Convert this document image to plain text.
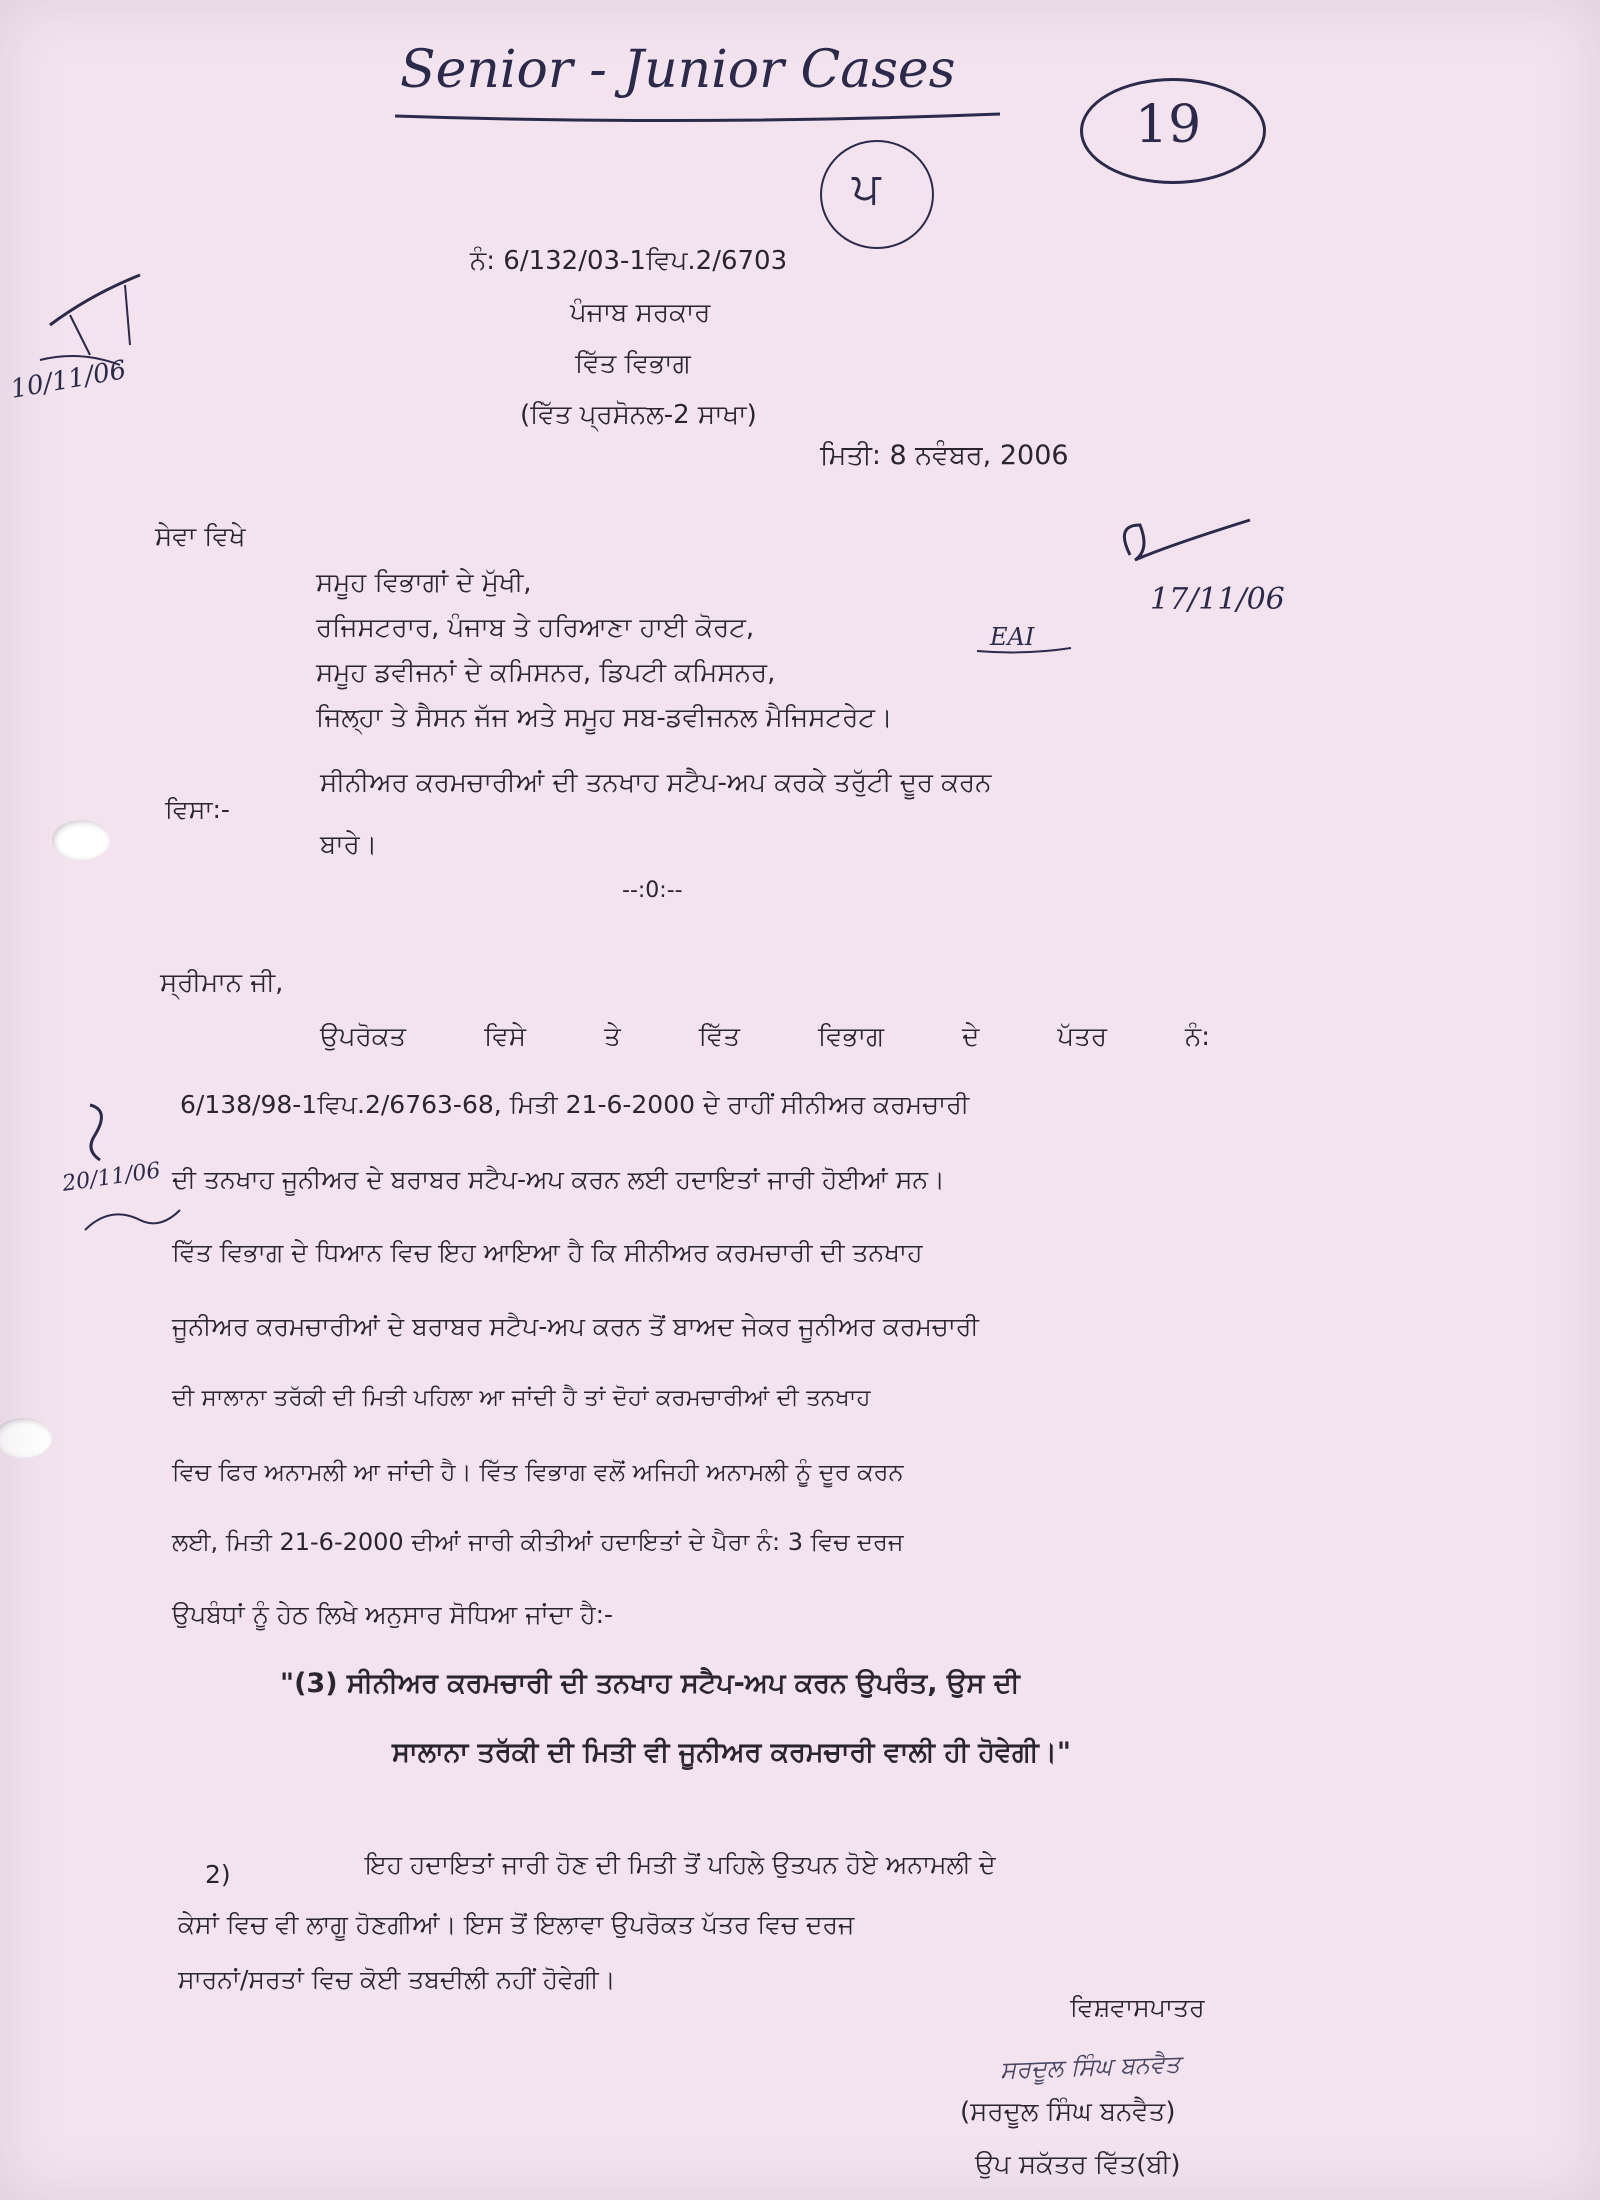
Senior - Junior Cases
19
ਪ
10/11/06
ਨੰ: 6/132/03-1ਵਿਪ.2/6703
ਪੰਜਾਬ ਸਰਕਾਰ
ਵਿੱਤ ਵਿਭਾਗ
(ਵਿੱਤ ਪ੍ਰਸੋਨਲ-2 ਸਾਖਾ)
ਮਿਤੀ: 8 ਨਵੰਬਰ, 2006
17/11/06
EAI
ਸੇਵਾ ਵਿਖੇ
ਸਮੂਹ ਵਿਭਾਗਾਂ ਦੇ ਮੁੱਖੀ,
ਰਜਿਸਟਰਾਰ, ਪੰਜਾਬ ਤੇ ਹਰਿਆਣਾ ਹਾਈ ਕੋਰਟ,
ਸਮੂਹ ਡਵੀਜਨਾਂ ਦੇ ਕਮਿਸਨਰ, ਡਿਪਟੀ ਕਮਿਸਨਰ,
ਜਿਲ੍ਹਾ ਤੇ ਸੈਸਨ ਜੱਜ ਅਤੇ ਸਮੂਹ ਸਬ-ਡਵੀਜਨਲ ਮੈਜਿਸਟਰੇਟ।
ਵਿਸਾ:-
ਸੀਨੀਅਰ ਕਰਮਚਾਰੀਆਂ ਦੀ ਤਨਖਾਹ ਸਟੈਪ-ਅਪ ਕਰਕੇ ਤਰੁੱਟੀ ਦੂਰ ਕਰਨ
ਬਾਰੇ।
--:0:--
ਸ੍ਰੀਮਾਨ ਜੀ,
ਉਪਰੋਕਤ	ਵਿਸੇ	ਤੇ	ਵਿੱਤ	ਵਿਭਾਗ	ਦੇ	ਪੱਤਰ	ਨੰ:
6/138/98-1ਵਿਪ.2/6763-68, ਮਿਤੀ 21-6-2000 ਦੇ ਰਾਹੀਂ ਸੀਨੀਅਰ ਕਰਮਚਾਰੀ
ਦੀ ਤਨਖਾਹ ਜੂਨੀਅਰ ਦੇ ਬਰਾਬਰ ਸਟੈਪ-ਅਪ ਕਰਨ ਲਈ ਹਦਾਇਤਾਂ ਜਾਰੀ ਹੋਈਆਂ ਸਨ।
ਵਿੱਤ ਵਿਭਾਗ ਦੇ ਧਿਆਨ ਵਿਚ ਇਹ ਆਇਆ ਹੈ ਕਿ ਸੀਨੀਅਰ ਕਰਮਚਾਰੀ ਦੀ ਤਨਖਾਹ
ਜੂਨੀਅਰ ਕਰਮਚਾਰੀਆਂ ਦੇ ਬਰਾਬਰ ਸਟੈਪ-ਅਪ ਕਰਨ ਤੋਂ ਬਾਅਦ ਜੇਕਰ ਜੂਨੀਅਰ ਕਰਮਚਾਰੀ
ਦੀ ਸਾਲਾਨਾ ਤਰੱਕੀ ਦੀ ਮਿਤੀ ਪਹਿਲਾ ਆ ਜਾਂਦੀ ਹੈ ਤਾਂ ਦੋਹਾਂ ਕਰਮਚਾਰੀਆਂ ਦੀ ਤਨਖਾਹ
ਵਿਚ ਫਿਰ ਅਨਾਮਲੀ ਆ ਜਾਂਦੀ ਹੈ। ਵਿੱਤ ਵਿਭਾਗ ਵਲੋਂ ਅਜਿਹੀ ਅਨਾਮਲੀ ਨੂੰ ਦੂਰ ਕਰਨ
ਲਈ, ਮਿਤੀ 21-6-2000 ਦੀਆਂ ਜਾਰੀ ਕੀਤੀਆਂ ਹਦਾਇਤਾਂ ਦੇ ਪੈਰਾ ਨੰ: 3 ਵਿਚ ਦਰਜ
ਉਪਬੰਧਾਂ ਨੂੰ ਹੇਠ ਲਿਖੇ ਅਨੁਸਾਰ ਸੋਧਿਆ ਜਾਂਦਾ ਹੈ:-
20/11/06
"(3) ਸੀਨੀਅਰ ਕਰਮਚਾਰੀ ਦੀ ਤਨਖਾਹ ਸਟੈਪ-ਅਪ ਕਰਨ ਉਪਰੰਤ, ਉਸ ਦੀ
ਸਾਲਾਨਾ ਤਰੱਕੀ ਦੀ ਮਿਤੀ ਵੀ ਜੂਨੀਅਰ ਕਰਮਚਾਰੀ ਵਾਲੀ ਹੀ ਹੋਵੇਗੀ।"
2)	ਇਹ ਹਦਾਇਤਾਂ ਜਾਰੀ ਹੋਣ ਦੀ ਮਿਤੀ ਤੋਂ ਪਹਿਲੇ ਉਤਪਨ ਹੋਏ ਅਨਾਮਲੀ ਦੇ
ਕੇਸਾਂ ਵਿਚ ਵੀ ਲਾਗੂ ਹੋਣਗੀਆਂ। ਇਸ ਤੋਂ ਇਲਾਵਾ ਉਪਰੋਕਤ ਪੱਤਰ ਵਿਚ ਦਰਜ
ਸਾਰਨਾਂ/ਸਰਤਾਂ ਵਿਚ ਕੋਈ ਤਬਦੀਲੀ ਨਹੀਂ ਹੋਵੇਗੀ।
ਵਿਸ਼ਵਾਸਪਾਤਰ
ਸਰਦੂਲ ਸਿੰਘ ਬਨਵੈਤ
(ਸਰਦੂਲ ਸਿੰਘ ਬਨਵੈਤ)
ਉਪ ਸਕੱਤਰ ਵਿੱਤ(ਬੀ)
